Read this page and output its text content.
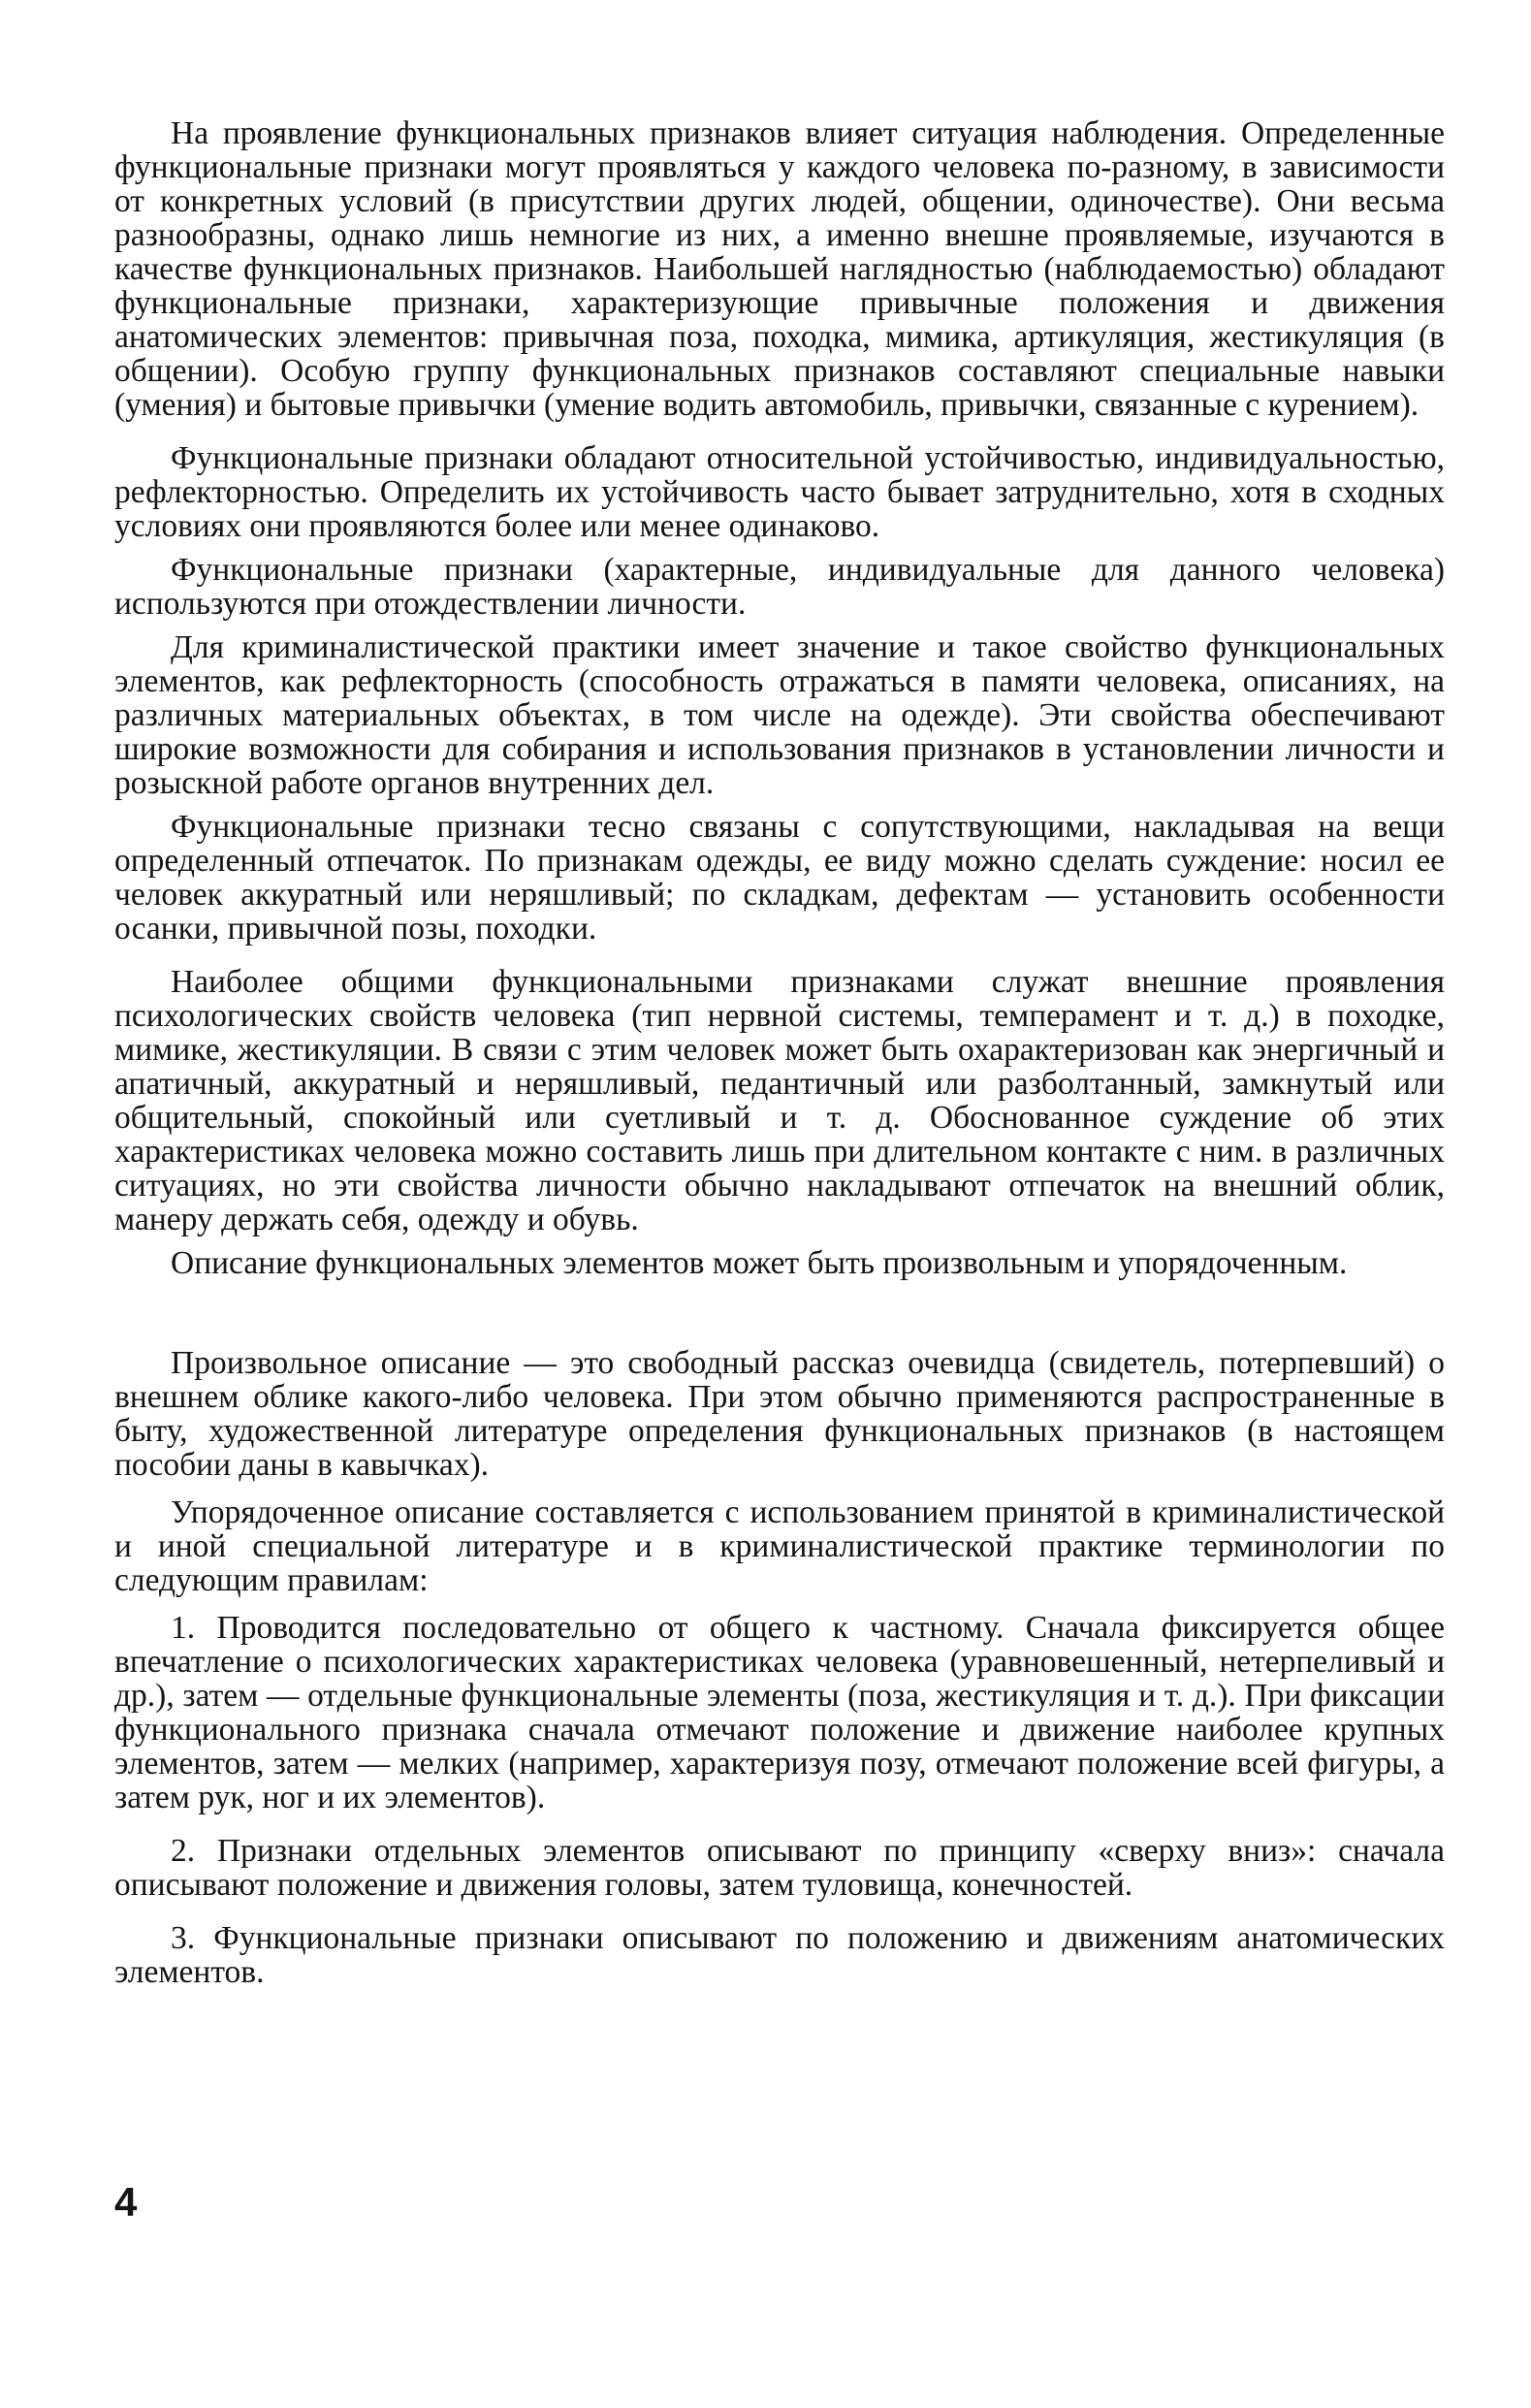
На проявление функциональных признаков влияет ситуация наблюдения. Определенные функциональные признаки могут проявляться у каждого человека по-разному, в зависимости от конкретных условий (в присутствии других людей, общении, одиночестве). Они весьма разнообразны, однако лишь немногие из них, а именно внешне проявляемые, изучаются в качестве функциональных признаков. Наибольшей наглядностью (наблюдаемостью) обладают функциональные признаки, характеризующие привычные положения и движения анатомических элементов: привычная поза, походка, мимика, артикуляция, жестикуляция (в общении). Особую группу функциональных признаков составляют специальные навыки (умения) и бытовые привычки (умение водить автомобиль, привычки, связанные с курением).

Функциональные признаки обладают относительной устойчивостью, индивидуальностью, рефлекторностью. Определить их устойчивость часто бывает затруднительно, хотя в сходных условиях они проявляются более или менее одинаково.

Функциональные признаки (характерные, индивидуальные для данного человека) используются при отождествлении личности.

Для криминалистической практики имеет значение и такое свойство функциональных элементов, как рефлекторность (способность отражаться в памяти человека, описаниях, на различных материальных объектах, в том числе на одежде). Эти свойства обеспечивают широкие возможности для собирания и использования признаков в установлении личности и розыскной работе органов внутренних дел.

Функциональные признаки тесно связаны с сопутствующими, накладывая на вещи определенный отпечаток. По признакам одежды, ее виду можно сделать суждение: носил ее человек аккуратный или неряшливый; по складкам, дефектам — установить особенности осанки, привычной позы, походки.

Наиболее общими функциональными признаками служат внешние проявления психологических свойств человека (тип нервной системы, темперамент и т. д.) в походке, мимике, жестикуляции. В связи с этим человек может быть охарактеризован как энергичный и апатичный, аккуратный и неряшливый, педантичный или разболтанный, замкнутый или общительный, спокойный или суетливый и т. д. Обоснованное суждение об этих характеристиках человека можно составить лишь при длительном контакте с ним. в различных ситуациях, но эти свойства личности обычно накладывают отпечаток на внешний облик, манеру держать себя, одежду и обувь.

Описание функциональных элементов может быть произвольным и упорядоченным.

Произвольное описание — это свободный рассказ очевидца (свидетель, потерпевший) о внешнем облике какого-либо человека. При этом обычно применяются распространенные в быту, художественной литературе определения функциональных признаков (в настоящем пособии даны в кавычках).

Упорядоченное описание составляется с использованием принятой в криминалистической и иной специальной литературе и в криминалистической практике терминологии по следующим правилам:

1. Проводится последовательно от общего к частному. Сначала фиксируется общее впечатление о психологических характеристиках человека (уравновешенный, нетерпеливый и др.), затем — отдельные функциональные элементы (поза, жестикуляция и т. д.). При фиксации функционального признака сначала отмечают положение и движение наиболее крупных элементов, затем — мелких (например, характеризуя позу, отмечают положение всей фигуры, а затем рук, ног и их элементов).

2. Признаки отдельных элементов описывают по принципу «сверху вниз»: сначала описывают положение и движения головы, затем туловища, конечностей.

3. Функциональные признаки описывают по положению и движениям анатомических элементов.

4
